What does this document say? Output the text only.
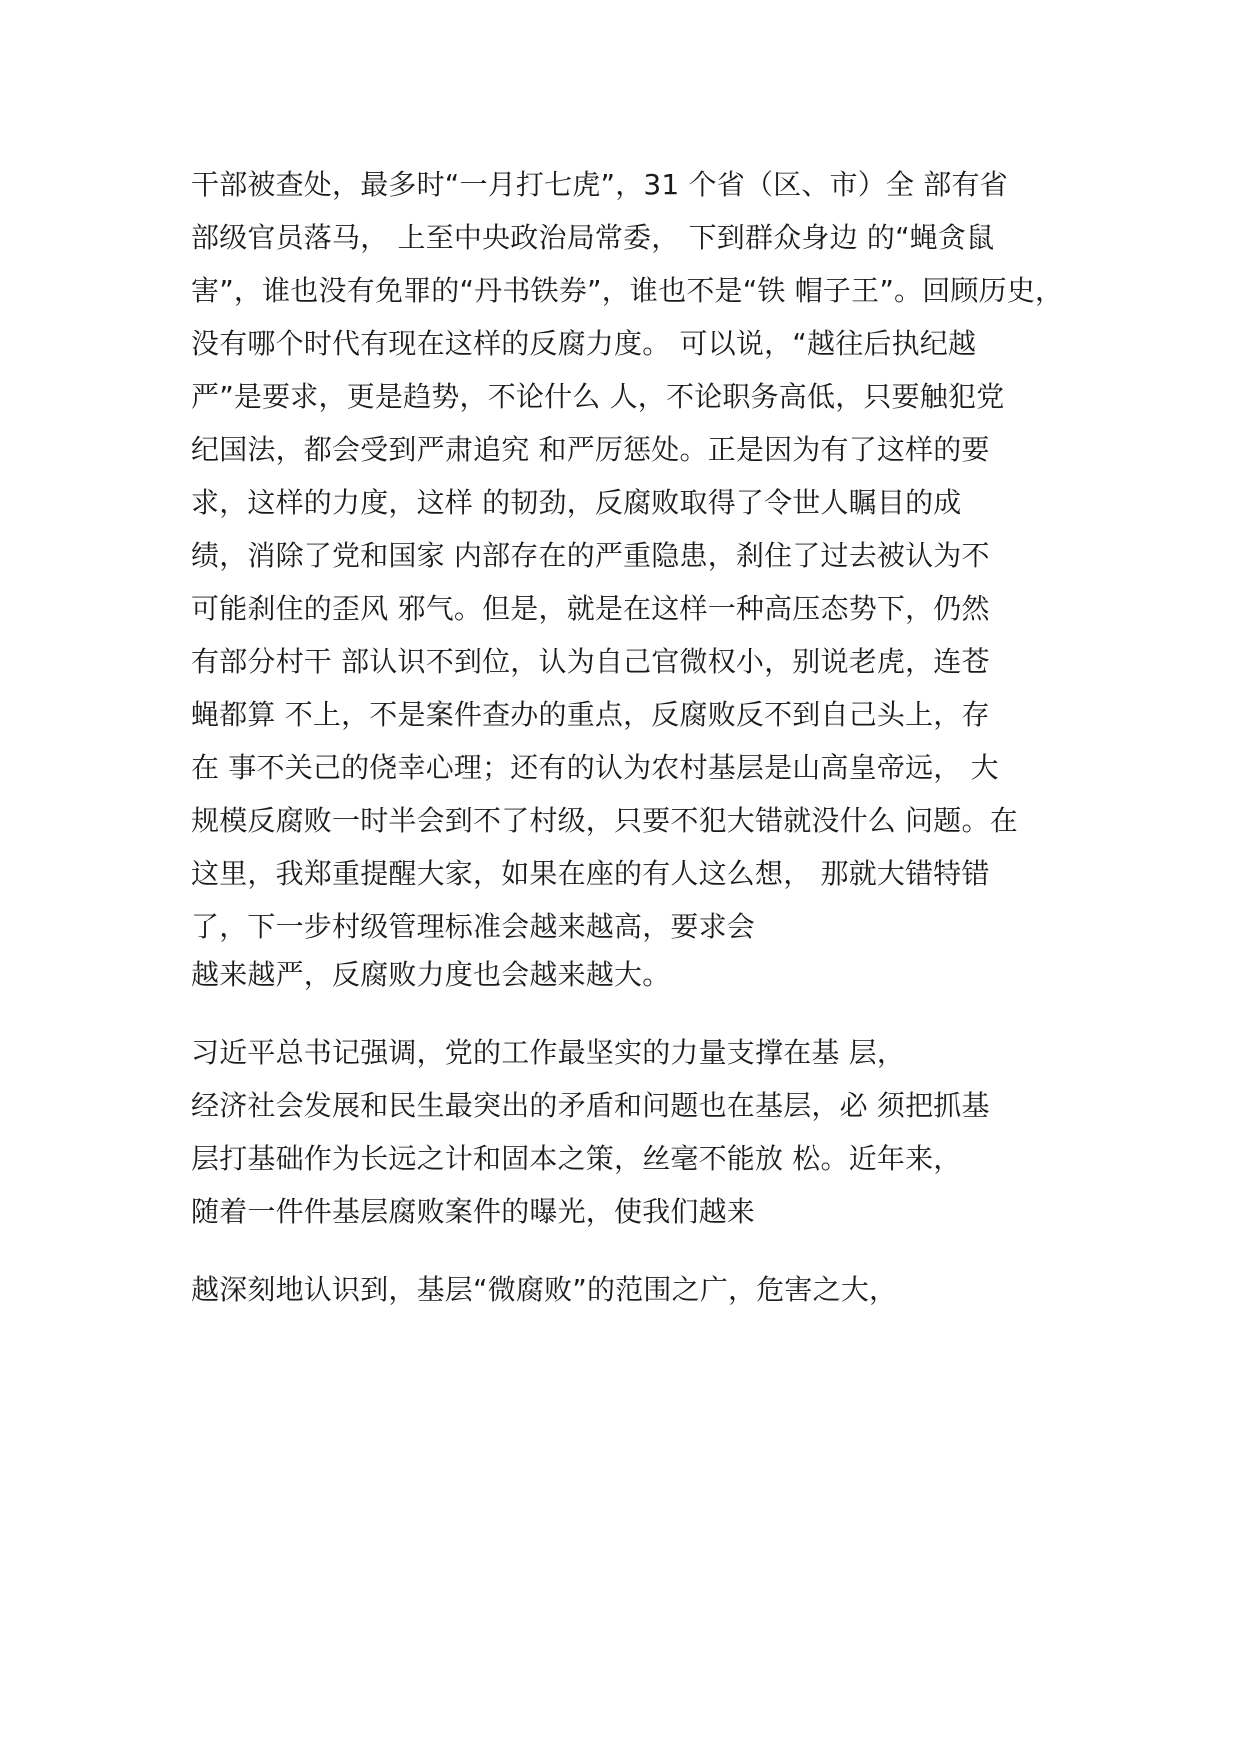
干部被查处，最多时“一月打七虎”，31 个省（区、市）全 部有省
部级官员落马， 上至中央政治局常委， 下到群众身边 的“蝇贪鼠
害”，谁也没有免罪的“丹书铁券”，谁也不是“铁 帽子王”。回顾历史，
没有哪个时代有现在这样的反腐力度。 可以说，“越往后执纪越
严”是要求，更是趋势，不论什么 人，不论职务高低，只要触犯党
纪国法，都会受到严肃追究 和严厉惩处。正是因为有了这样的要
求，这样的力度，这样 的韧劲，反腐败取得了令世人瞩目的成
绩，消除了党和国家 内部存在的严重隐患，刹住了过去被认为不
可能刹住的歪风 邪气。但是，就是在这样一种高压态势下，仍然
有部分村干 部认识不到位，认为自己官微权小，别说老虎，连苍
蝇都算 不上，不是案件查办的重点，反腐败反不到自己头上，存
在 事不关己的侥幸心理；还有的认为农村基层是山高皇帝远， 大
规模反腐败一时半会到不了村级，只要不犯大错就没什么 问题。在
这里，我郑重提醒大家，如果在座的有人这么想， 那就大错特错
了，下一步村级管理标准会越来越高，要求会
越来越严，反腐败力度也会越来越大。
习近平总书记强调，党的工作最坚实的力量支撑在基 层，
经济社会发展和民生最突出的矛盾和问题也在基层，必 须把抓基
层打基础作为长远之计和固本之策，丝毫不能放 松。近年来，
随着一件件基层腐败案件的曝光，使我们越来
越深刻地认识到，基层“微腐败”的范围之广，危害之大，
